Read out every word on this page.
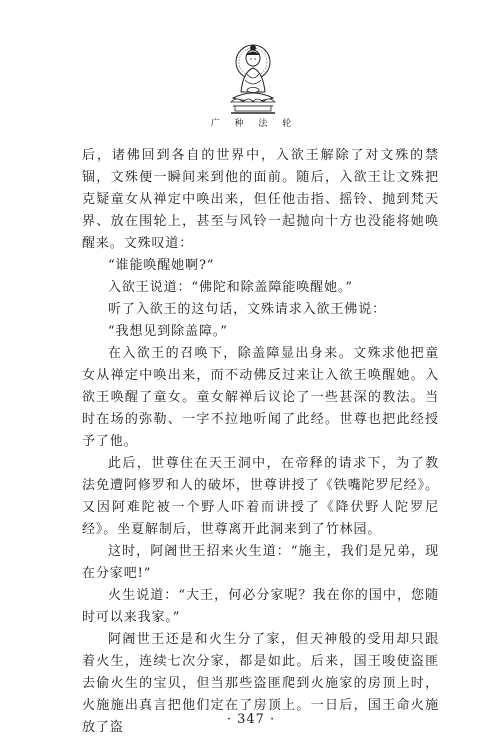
广 种 法 轮

后，诸佛回到各自的世界中，入欲王解除了对文殊的禁锢，文殊便一瞬间来到他的面前。随后，入欲王让文殊把克疑童女从禅定中唤出来，但任他击指、摇铃、抛到梵天界、放在围轮上，甚至与风铃一起抛向十方也没能将她唤醒来。文殊叹道：

“谁能唤醒她啊?”

入欲王说道：“佛陀和除盖障能唤醒她。”

听了入欲王的这句话，文殊请求入欲王佛说：

“我想见到除盖障。”

在入欲王的召唤下，除盖障显出身来。文殊求他把童女从禅定中唤出来，而不动佛反过来让入欲王唤醒她。入欲王唤醒了童女。童女解禅后议论了一些甚深的教法。当时在场的弥勒、一字不拉地听闻了此经。世尊也把此经授予了他。

此后，世尊住在天王洞中，在帝释的请求下，为了教法免遭阿修罗和人的破坏，世尊讲授了《铁嘴陀罗尼经》。又因阿难陀被一个野人吓着而讲授了《降伏野人陀罗尼经》。坐夏解制后，世尊离开此洞来到了竹林园。

这时，阿阇世王招来火生道：“施主，我们是兄弟，现在分家吧!”

火生说道：“大王，何必分家呢？我在你的国中，您随时可以来我家。”

阿阇世王还是和火生分了家，但天神般的受用却只跟着火生，连续七次分家，都是如此。后来，国王唆使盗匪去偷火生的宝贝，但当那些盗匪爬到火施家的房顶上时，火施施出真言把他们定在了房顶上。一日后，国王命火施放了盗

· 347 ·
